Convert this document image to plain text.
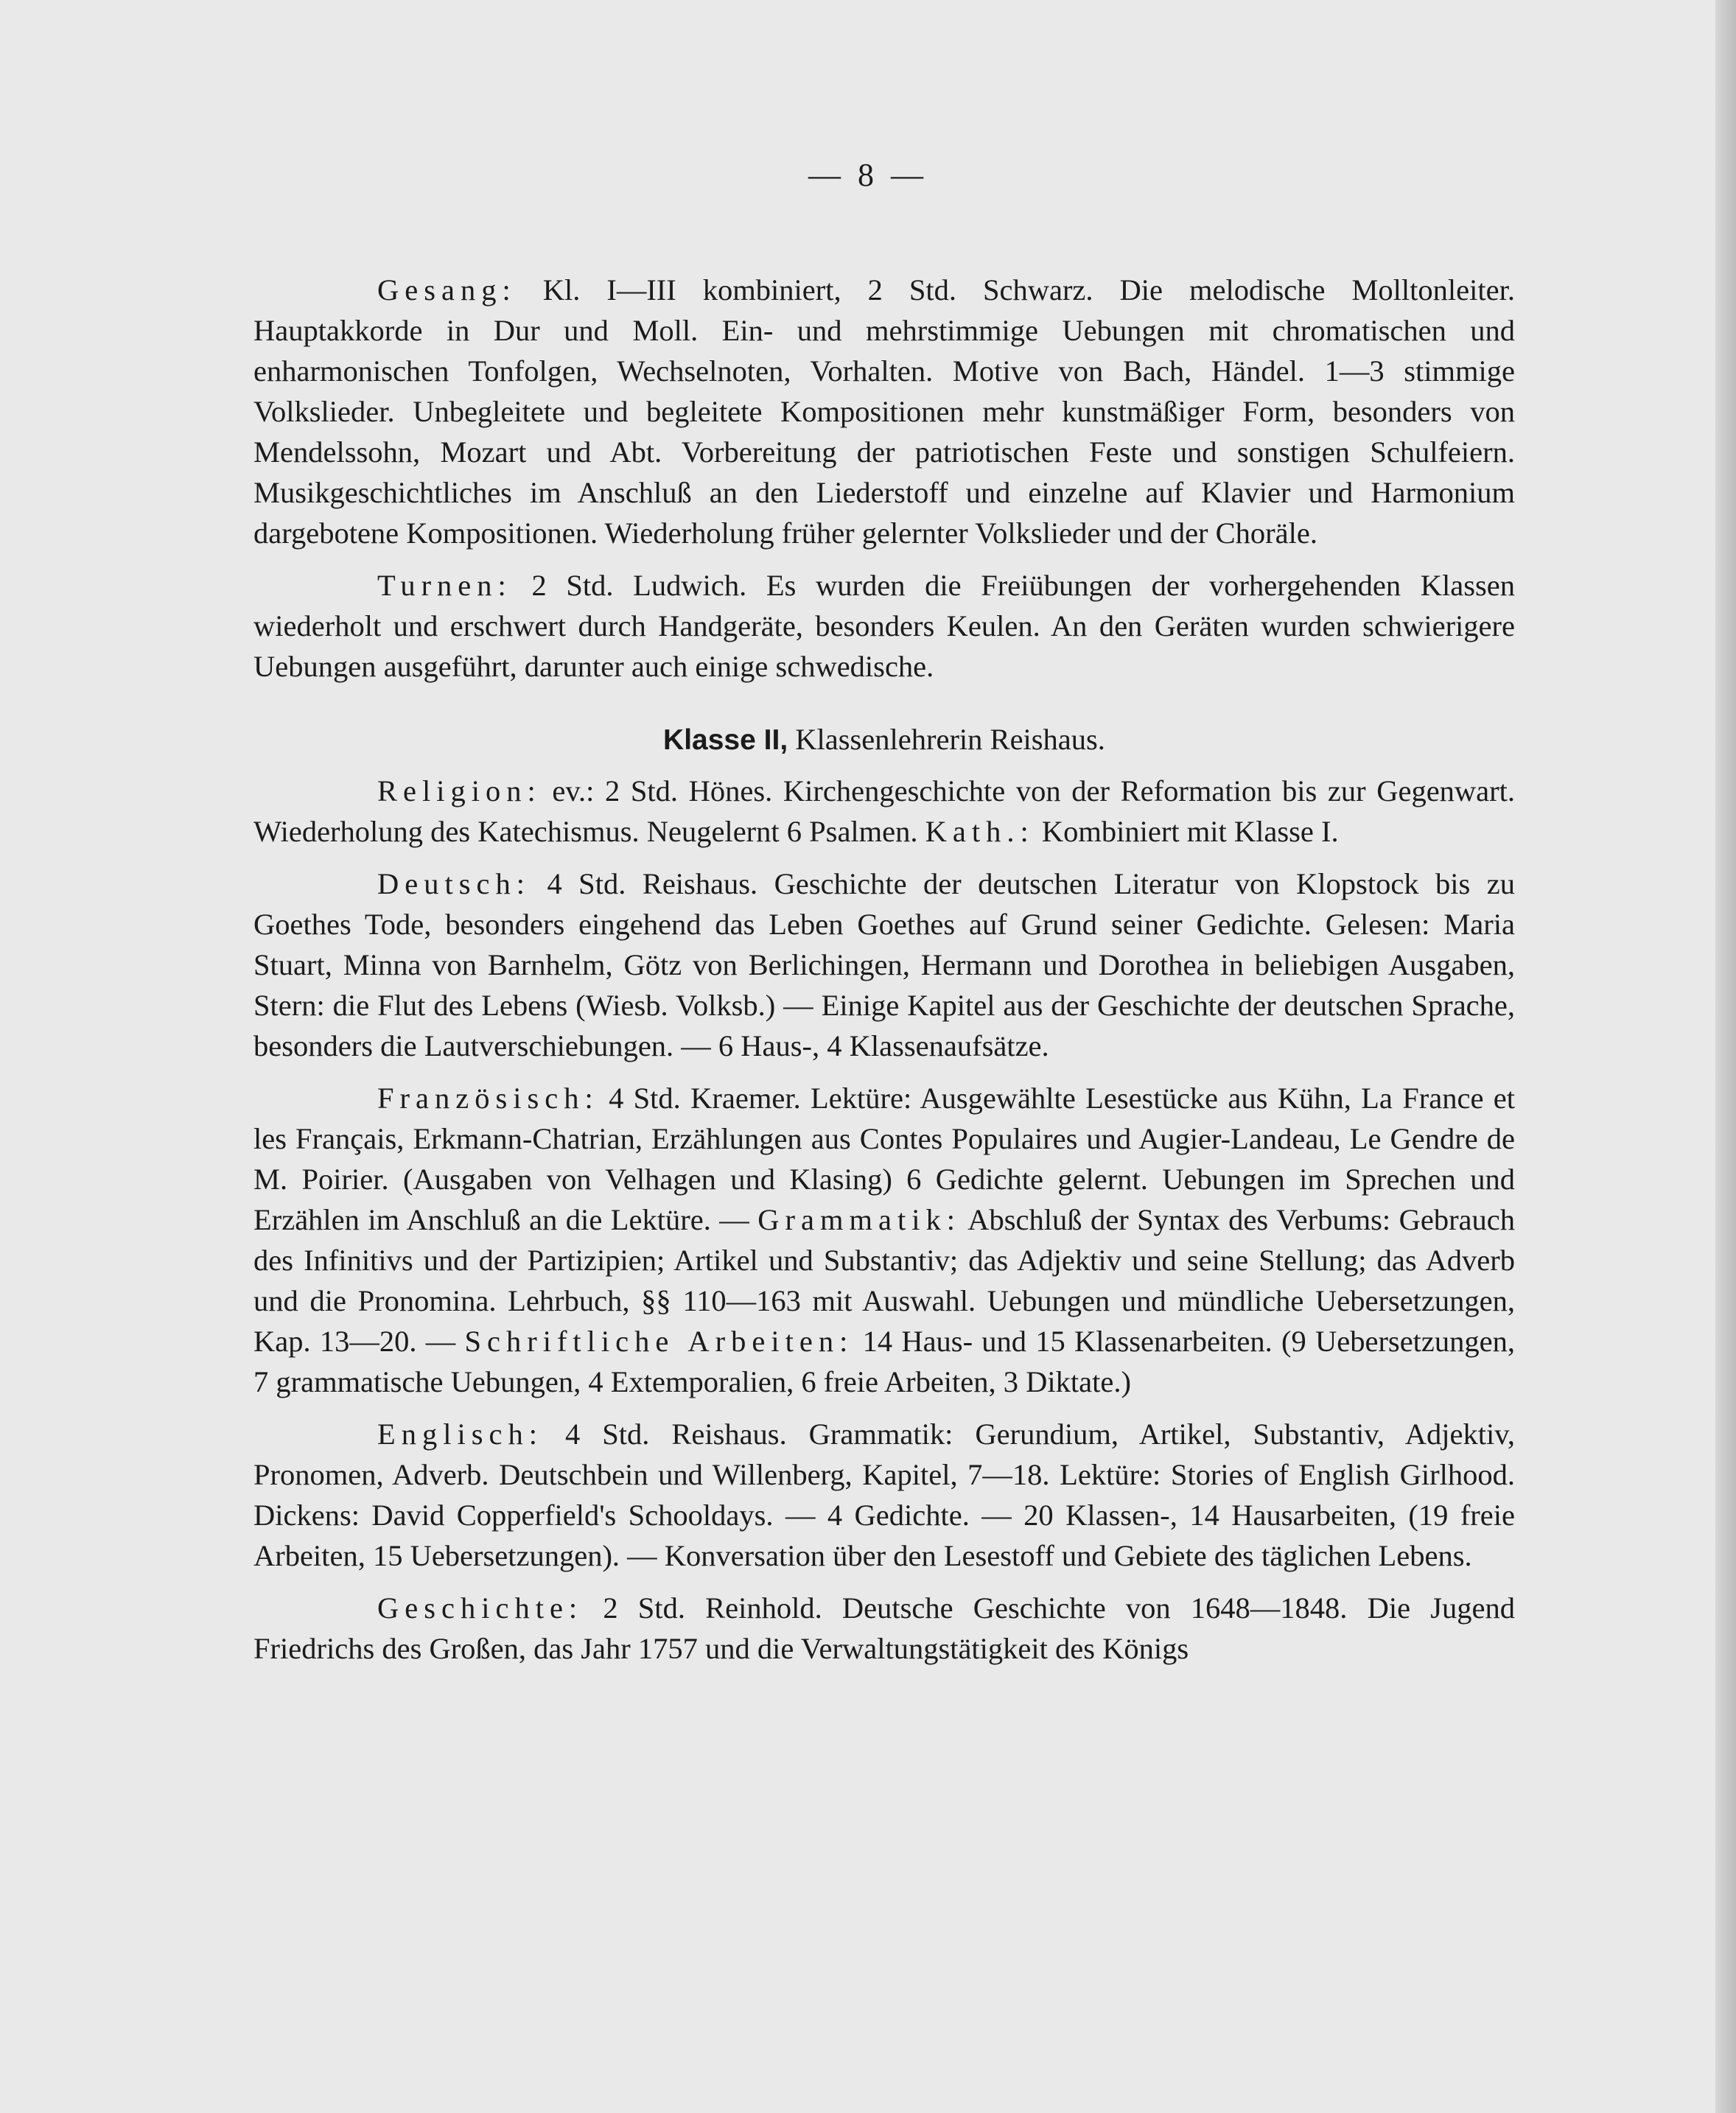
— 8 —

Gesang: Kl. I—III kombiniert, 2 Std. Schwarz. Die melodische Molltonleiter. Hauptakkorde in Dur und Moll. Ein- und mehrstimmige Uebungen mit chromatischen und enharmonischen Tonfolgen, Wechselnoten, Vorhalten. Motive von Bach, Händel. 1—3 stimmige Volkslieder. Unbegleitete und begleitete Kompositionen mehr kunstmäßiger Form, besonders von Mendelssohn, Mozart und Abt. Vorbereitung der patriotischen Feste und sonstigen Schulfeiern. Musikgeschichtliches im Anschluß an den Liederstoff und einzelne auf Klavier und Harmonium dargebotene Kompositionen. Wiederholung früher gelernter Volkslieder und der Choräle.

Turnen: 2 Std. Ludwich. Es wurden die Freiübungen der vorhergehenden Klassen wiederholt und erschwert durch Handgeräte, besonders Keulen. An den Geräten wurden schwierigere Uebungen ausgeführt, darunter auch einige schwedische.

Klasse II, Klassenlehrerin Reishaus.

Religion: ev.: 2 Std. Hönes. Kirchengeschichte von der Reformation bis zur Gegenwart. Wiederholung des Katechismus. Neugelernt 6 Psalmen. Kath.: Kombiniert mit Klasse I.

Deutsch: 4 Std. Reishaus. Geschichte der deutschen Literatur von Klopstock bis zu Goethes Tode, besonders eingehend das Leben Goethes auf Grund seiner Gedichte. Gelesen: Maria Stuart, Minna von Barnhelm, Götz von Berlichingen, Hermann und Dorothea in beliebigen Ausgaben, Stern: die Flut des Lebens (Wiesb. Volksb.) — Einige Kapitel aus der Geschichte der deutschen Sprache, besonders die Lautverschiebungen. — 6 Haus-, 4 Klassenaufsätze.

Französisch: 4 Std. Kraemer. Lektüre: Ausgewählte Lesestücke aus Kühn, La France et les Français, Erkmann-Chatrian, Erzählungen aus Contes Populaires und Augier-Landeau, Le Gendre de M. Poirier. (Ausgaben von Velhagen und Klasing) 6 Gedichte gelernt. Uebungen im Sprechen und Erzählen im Anschluß an die Lektüre. — Grammatik: Abschluß der Syntax des Verbums: Gebrauch des Infinitivs und der Partizipien; Artikel und Substantiv; das Adjektiv und seine Stellung; das Adverb und die Pronomina. Lehrbuch, §§ 110—163 mit Auswahl. Uebungen und mündliche Uebersetzungen, Kap. 13—20. — Schriftliche Arbeiten: 14 Haus- und 15 Klassenarbeiten. (9 Uebersetzungen, 7 grammatische Uebungen, 4 Extemporalien, 6 freie Arbeiten, 3 Diktate.)

Englisch: 4 Std. Reishaus. Grammatik: Gerundium, Artikel, Substantiv, Adjektiv, Pronomen, Adverb. Deutschbein und Willenberg, Kapitel, 7—18. Lektüre: Stories of English Girlhood. Dickens: David Copperfield's Schooldays. — 4 Gedichte. — 20 Klassen-, 14 Hausarbeiten, (19 freie Arbeiten, 15 Uebersetzungen). — Konversation über den Lesestoff und Gebiete des täglichen Lebens.

Geschichte: 2 Std. Reinhold. Deutsche Geschichte von 1648—1848. Die Jugend Friedrichs des Großen, das Jahr 1757 und die Verwaltungstätigkeit des Königs
